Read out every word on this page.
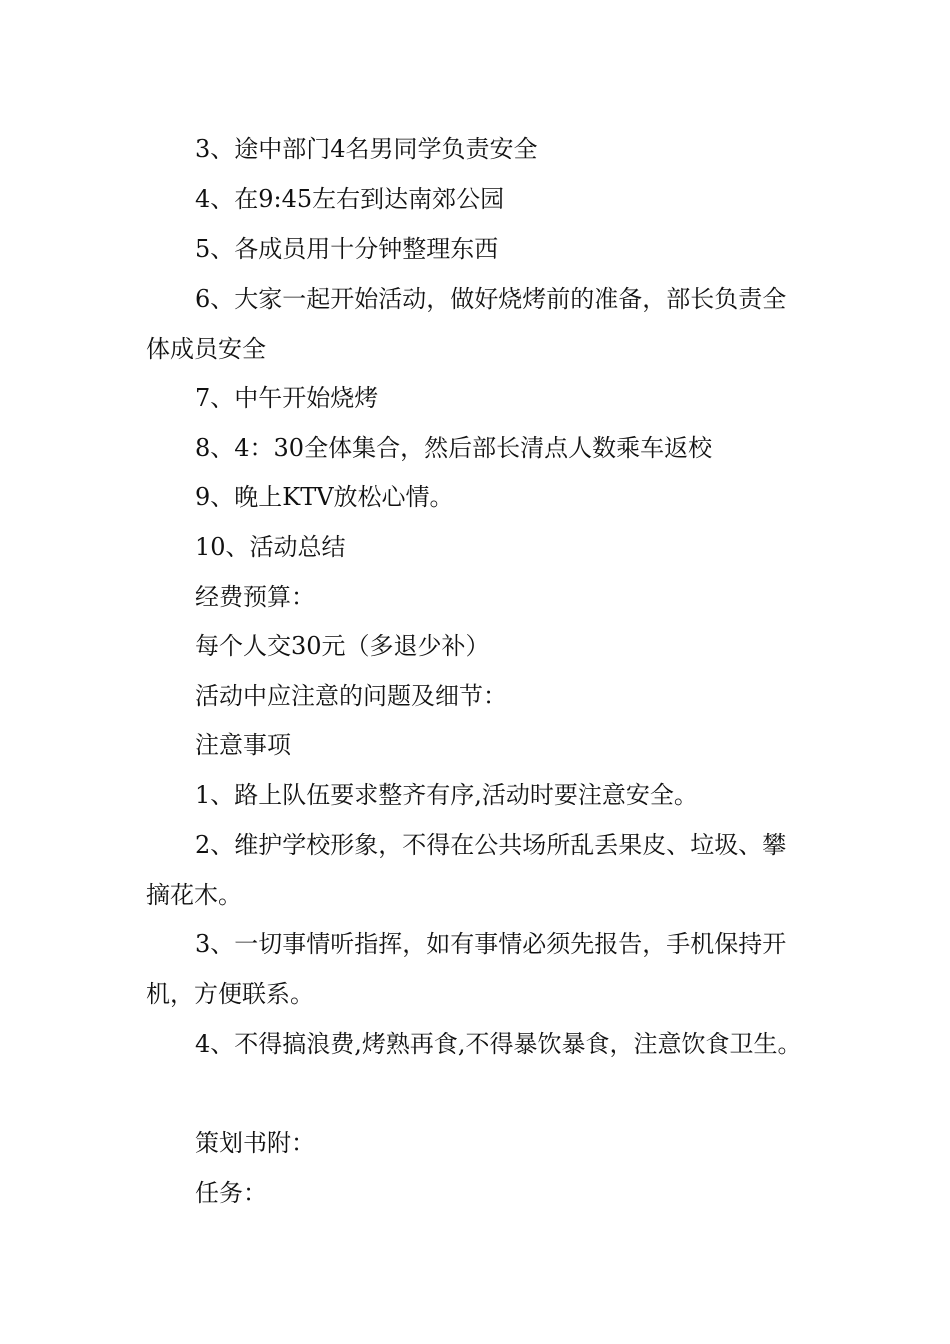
3、途中部门4名男同学负责安全

4、在9:45左右到达南郊公园

5、各成员用十分钟整理东西

6、大家一起开始活动，做好烧烤前的准备，部长负责全体成员安全

7、中午开始烧烤

8、4：30全体集合，然后部长清点人数乘车返校

9、晚上KTV放松心情。

10、活动总结

经费预算：

每个人交30元（多退少补）

活动中应注意的问题及细节：

注意事项

1、路上队伍要求整齐有序,活动时要注意安全。

2、维护学校形象，不得在公共场所乱丢果皮、垃圾、攀摘花木。

3、一切事情听指挥，如有事情必须先报告，手机保持开机，方便联系。

4、不得搞浪费,烤熟再食,不得暴饮暴食，注意饮食卫生。

策划书附：

任务：
